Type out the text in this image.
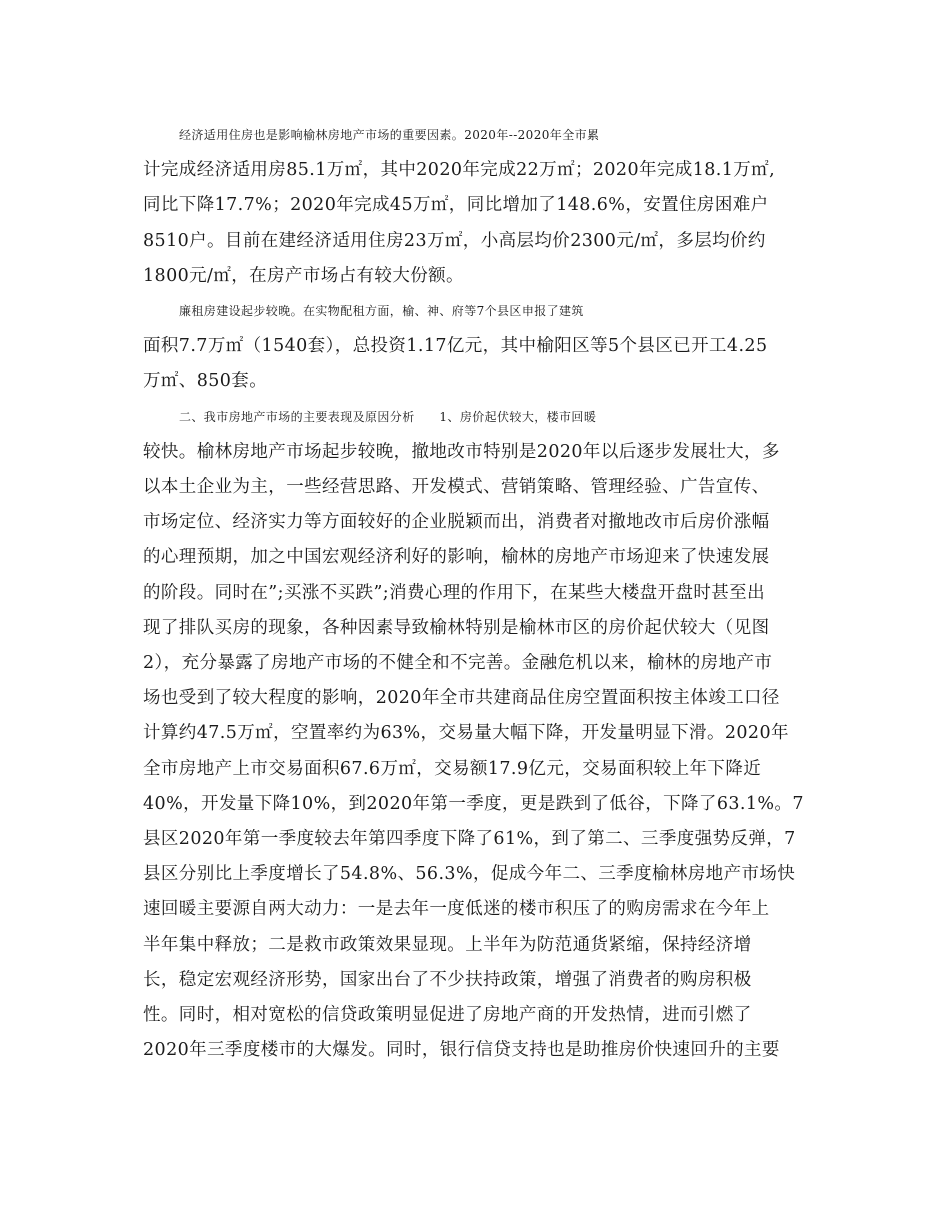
经济适用住房也是影响榆林房地产市场的重要因素。2020年--2020年全市累
计完成经济适用房85.1万㎡，其中2020年完成22万㎡；2020年完成18.1万㎡,
同比下降17.7%；2020年完成45万㎡，同比增加了148.6%，安置住房困难户
8510户。目前在建经济适用住房23万㎡，小高层均价2300元/㎡，多层均价约
1800元/㎡，在房产市场占有较大份额。

廉租房建设起步较晚。在实物配租方面，榆、神、府等7个县区申报了建筑
面积7.7万㎡（1540套），总投资1.17亿元，其中榆阳区等5个县区已开工4.25
万㎡、850套。

二、我市房地产市场的主要表现及原因分析　　1、房价起伏较大，楼市回暖
较快。榆林房地产市场起步较晚，撤地改市特别是2020年以后逐步发展壮大，多
以本土企业为主，一些经营思路、开发模式、营销策略、管理经验、广告宣传、
市场定位、经济实力等方面较好的企业脱颖而出，消费者对撤地改市后房价涨幅
的心理预期，加之中国宏观经济利好的影响，榆林的房地产市场迎来了快速发展
的阶段。同时在”;买涨不买跌”;消费心理的作用下，在某些大楼盘开盘时甚至出
现了排队买房的现象，各种因素导致榆林特别是榆林市区的房价起伏较大（见图
2），充分暴露了房地产市场的不健全和不完善。金融危机以来，榆林的房地产市
场也受到了较大程度的影响，2020年全市共建商品住房空置面积按主体竣工口径
计算约47.5万㎡，空置率约为63%，交易量大幅下降，开发量明显下滑。2020年
全市房地产上市交易面积67.6万㎡，交易额17.9亿元，交易面积较上年下降近
40%，开发量下降10%，到2020年第一季度，更是跌到了低谷，下降了63.1%。7
县区2020年第一季度较去年第四季度下降了61%，到了第二、三季度强势反弹，7
县区分别比上季度增长了54.8%、56.3%，促成今年二、三季度榆林房地产市场快
速回暖主要源自两大动力：一是去年一度低迷的楼市积压了的购房需求在今年上
半年集中释放；二是救市政策效果显现。上半年为防范通货紧缩，保持经济增
长，稳定宏观经济形势，国家出台了不少扶持政策，增强了消费者的购房积极
性。同时，相对宽松的信贷政策明显促进了房地产商的开发热情，进而引燃了
2020年三季度楼市的大爆发。同时，银行信贷支持也是助推房价快速回升的主要
